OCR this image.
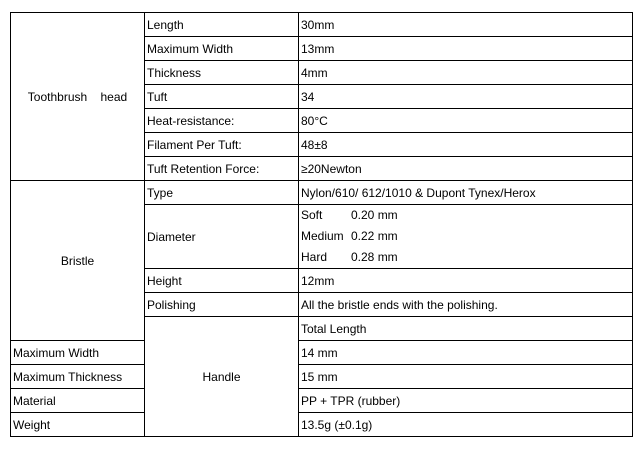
Toothbrush    head	Length	30mm	
	Maximum Width	13mm	
	Thickness	4mm	
	Tuft	34	
	Heat-resistance:	80°C	
	Filament Per Tuft:	48±8	
	Tuft Retention Force:	≥20Newton	
Bristle	Type	Nylon/610/ 612/1010 & Dupont Tynex/Herox	
	Diameter	Soft 0.20 mm
Medium 0.22 mm
Hard 0.28 mm	

	Height	12mm	
	Polishing	All the bristle ends with the polishing.	
	Handle	Total Length	
Maximum Width		14 mm	
Maximum Thickness		15 mm	
Material		PP + TPR (rubber)	
Weight		13.5g (±0.1g)	
